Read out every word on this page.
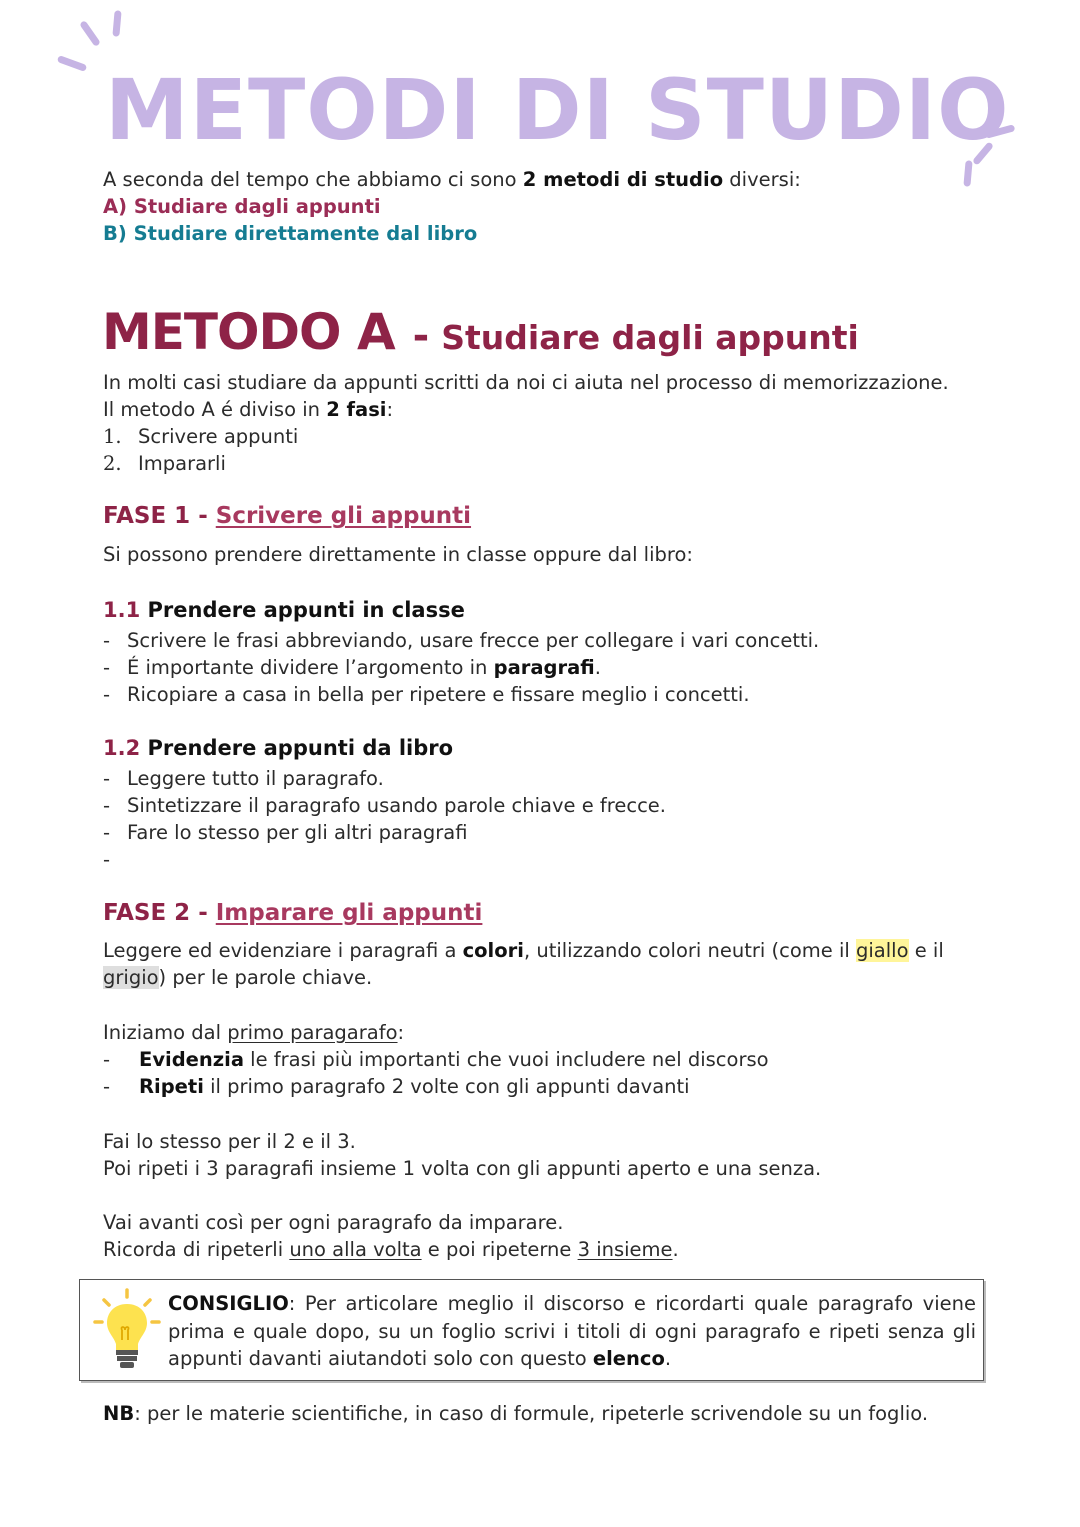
METODI DI STUDIO
A seconda del tempo che abbiamo ci sono 2 metodi di studio diversi:
A) Studiare dagli appunti
B) Studiare direttamente dal libro
METODO A - Studiare dagli appunti
In molti casi studiare da appunti scritti da noi ci aiuta nel processo di memorizzazione.
Il metodo A é diviso in 2 fasi:
1. Scrivere appunti
2. Impararli
FASE 1 - Scrivere gli appunti
Si possono prendere direttamente in classe oppure dal libro:
1.1 Prendere appunti in classe
- Scrivere le frasi abbreviando, usare frecce per collegare i vari concetti.
- É importante dividere l’argomento in paragrafi.
- Ricopiare a casa in bella per ripetere e fissare meglio i concetti.
1.2 Prendere appunti da libro
- Leggere tutto il paragrafo.
- Sintetizzare il paragrafo usando parole chiave e frecce.
- Fare lo stesso per gli altri paragrafi
-
FASE 2 - Imparare gli appunti
Leggere ed evidenziare i paragrafi a colori, utilizzando colori neutri (come il giallo e il
grigio) per le parole chiave.
Iniziamo dal primo paragarafo:
- Evidenzia le frasi più importanti che vuoi includere nel discorso
- Ripeti il primo paragrafo 2 volte con gli appunti davanti
Fai lo stesso per il 2 e il 3.
Poi ripeti i 3 paragrafi insieme 1 volta con gli appunti aperto e una senza.
Vai avanti così per ogni paragrafo da imparare.
Ricorda di ripeterli uno alla volta e poi ripeterne 3 insieme.
CONSIGLIO: Per articolare meglio il discorso e ricordarti quale paragrafo viene prima e quale dopo, su un foglio scrivi i titoli di ogni paragrafo e ripeti senza gli appunti davanti aiutandoti solo con questo elenco.
NB: per le materie scientifiche, in caso di formule, ripeterle scrivendole su un foglio.
